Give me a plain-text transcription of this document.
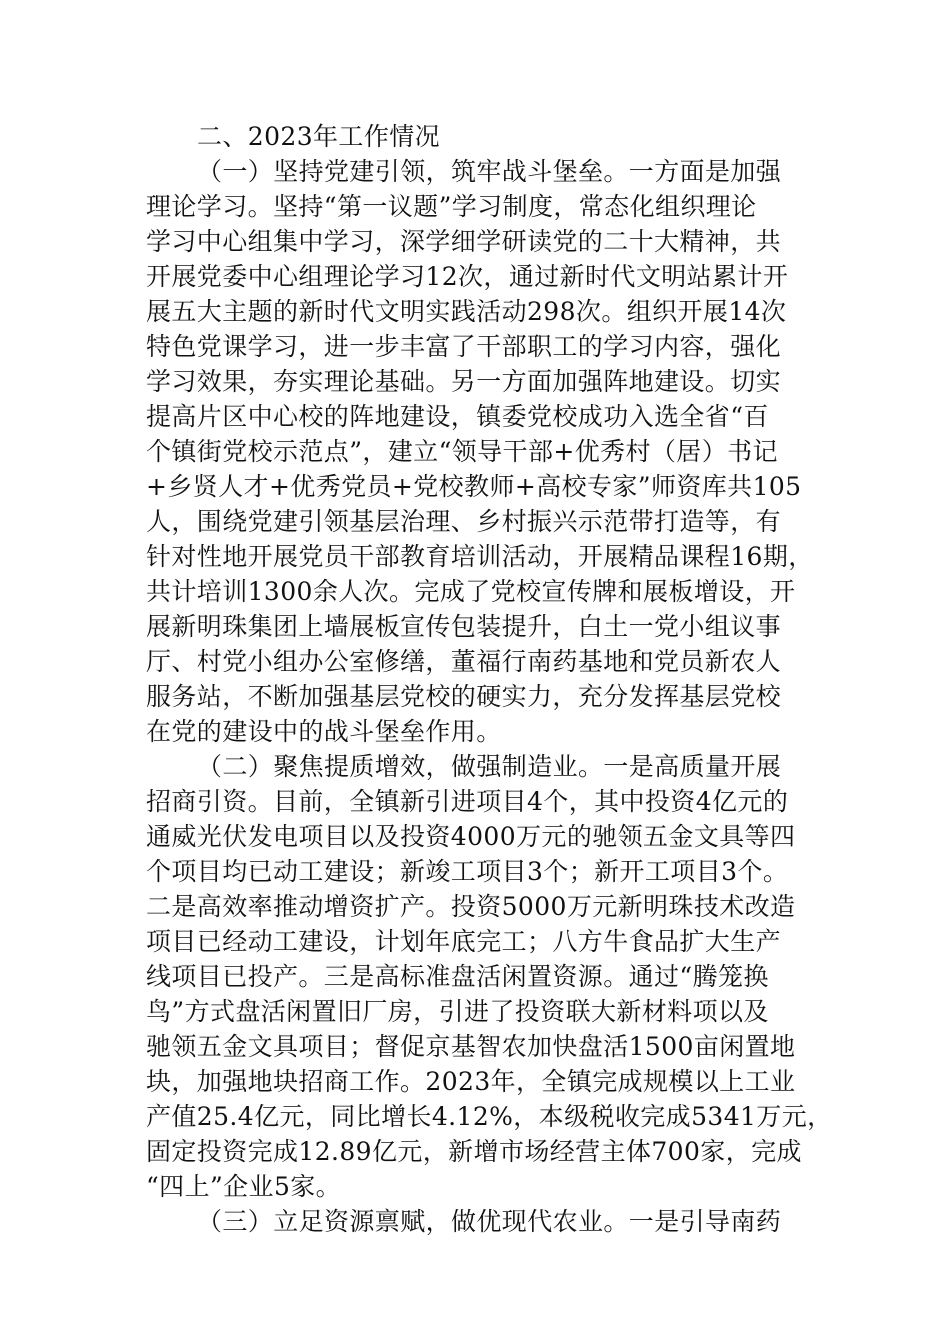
二、2023年工作情况
（一）坚持党建引领，筑牢战斗堡垒。一方面是加强
理论学习。坚持“第一议题”学习制度，常态化组织理论
学习中心组集中学习，深学细学研读党的二十大精神，共
开展党委中心组理论学习12次，通过新时代文明站累计开
展五大主题的新时代文明实践活动298次。组织开展14次
特色党课学习，进一步丰富了干部职工的学习内容，强化
学习效果，夯实理论基础。另一方面加强阵地建设。切实
提高片区中心校的阵地建设，镇委党校成功入选全省“百
个镇街党校示范点”，建立“领导干部+优秀村（居）书记
+乡贤人才+优秀党员+党校教师+高校专家”师资库共105
人，围绕党建引领基层治理、乡村振兴示范带打造等，有
针对性地开展党员干部教育培训活动，开展精品课程16期，
共计培训1300余人次。完成了党校宣传牌和展板增设，开
展新明珠集团上墙展板宣传包装提升，白土一党小组议事
厅、村党小组办公室修缮，董福行南药基地和党员新农人
服务站，不断加强基层党校的硬实力，充分发挥基层党校
在党的建设中的战斗堡垒作用。
（二）聚焦提质增效，做强制造业。一是高质量开展
招商引资。目前，全镇新引进项目4个，其中投资4亿元的
通威光伏发电项目以及投资4000万元的驰领五金文具等四
个项目均已动工建设；新竣工项目3个；新开工项目3个。
二是高效率推动增资扩产。投资5000万元新明珠技术改造
项目已经动工建设，计划年底完工；八方牛食品扩大生产
线项目已投产。三是高标准盘活闲置资源。通过“腾笼换
鸟”方式盘活闲置旧厂房，引进了投资联大新材料项以及
驰领五金文具项目；督促京基智农加快盘活1500亩闲置地
块，加强地块招商工作。2023年，全镇完成规模以上工业
产值25.4亿元，同比增长4.12%，本级税收完成5341万元，
固定投资完成12.89亿元，新增市场经营主体700家，完成
“四上”企业5家。
（三）立足资源禀赋，做优现代农业。一是引导南药
